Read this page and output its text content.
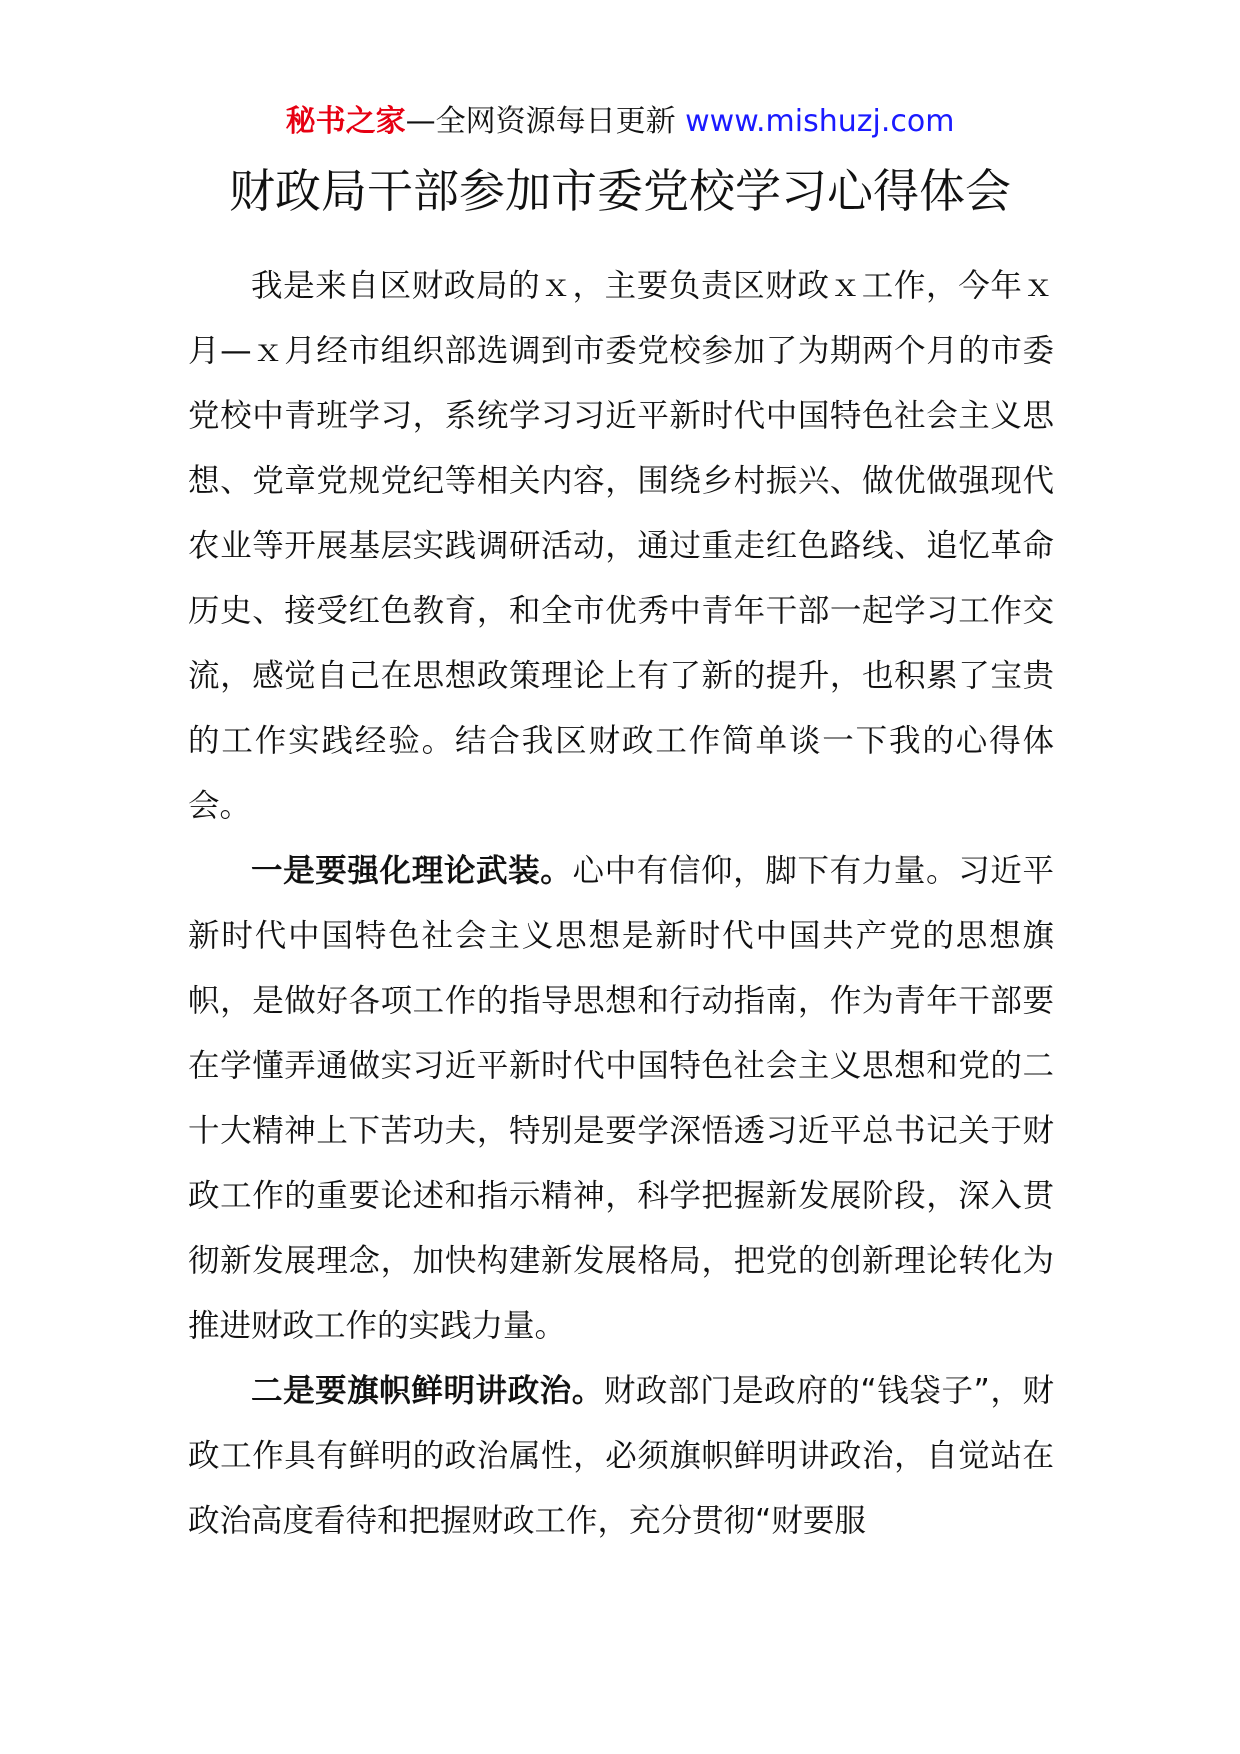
秘书之家—全网资源每日更新 www.mishuzj.com
财政局干部参加市委党校学习心得体会

我是来自区财政局的ｘ，主要负责区财政ｘ工作，今年ｘ月—ｘ月经市组织部选调到市委党校参加了为期两个月的市委党校中青班学习，系统学习习近平新时代中国特色社会主义思想、党章党规党纪等相关内容，围绕乡村振兴、做优做强现代农业等开展基层实践调研活动，通过重走红色路线、追忆革命历史、接受红色教育，和全市优秀中青年干部一起学习工作交流，感觉自己在思想政策理论上有了新的提升，也积累了宝贵的工作实践经验。结合我区财政工作简单谈一下我的心得体会。

一是要强化理论武装。心中有信仰，脚下有力量。习近平新时代中国特色社会主义思想是新时代中国共产党的思想旗帜，是做好各项工作的指导思想和行动指南，作为青年干部要在学懂弄通做实习近平新时代中国特色社会主义思想和党的二十大精神上下苦功夫，特别是要学深悟透习近平总书记关于财政工作的重要论述和指示精神，科学把握新发展阶段，深入贯彻新发展理念，加快构建新发展格局，把党的创新理论转化为推进财政工作的实践力量。

二是要旗帜鲜明讲政治。财政部门是政府的“钱袋子”，财政工作具有鲜明的政治属性，必须旗帜鲜明讲政治，自觉站在政治高度看待和把握财政工作，充分贯彻“财要服
